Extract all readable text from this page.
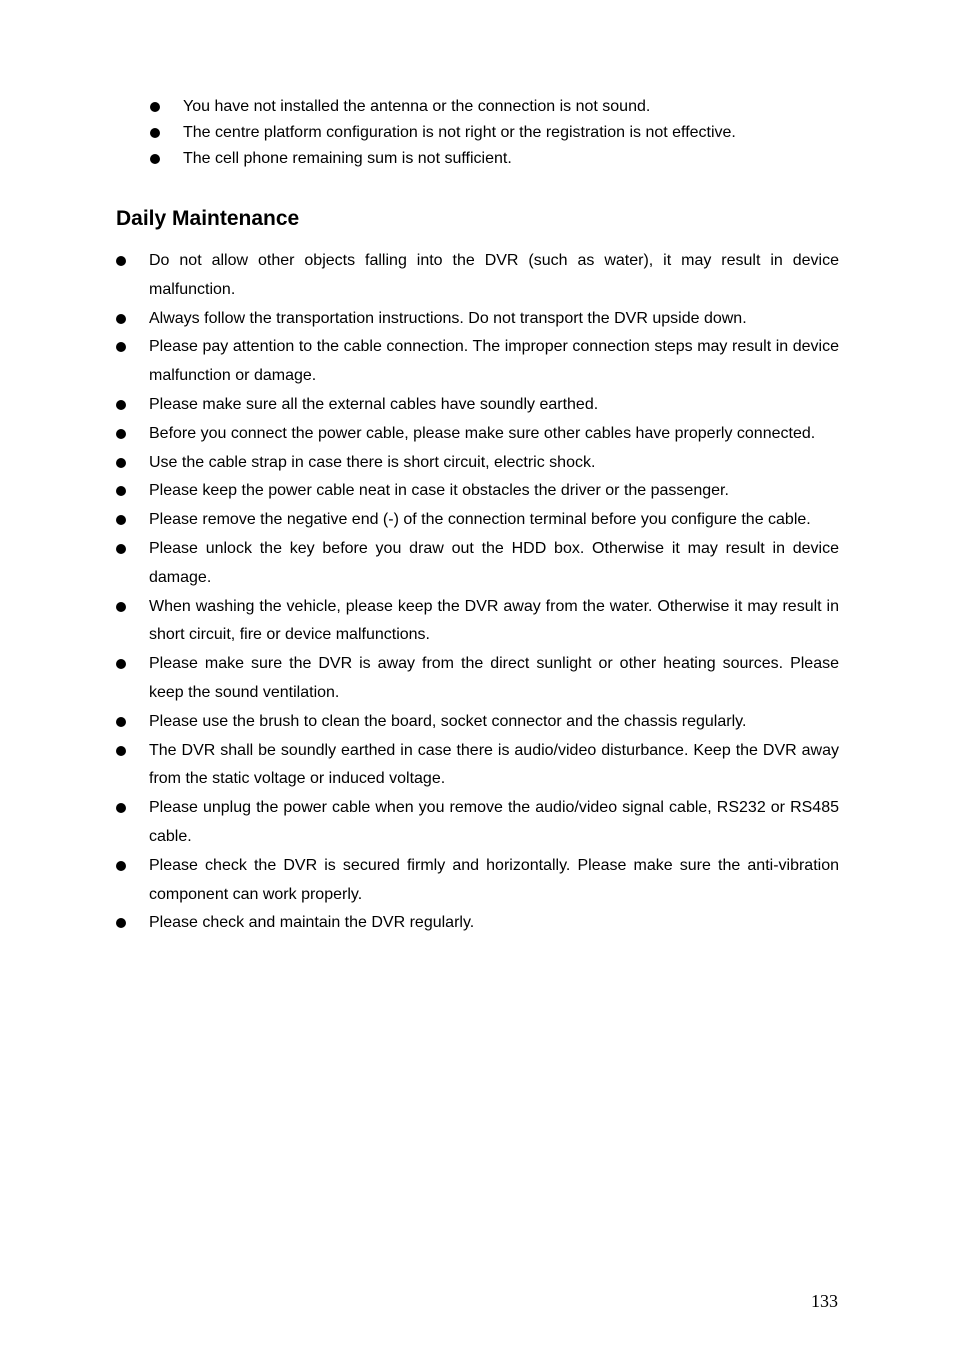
You have not installed the antenna or the connection is not sound.
The centre platform configuration is not right or the registration is not effective.
The cell phone remaining sum is not sufficient.
Daily Maintenance
Do not allow other objects falling into the DVR (such as water), it may result in device malfunction.
Always follow the transportation instructions. Do not transport the DVR upside down.
Please pay attention to the cable connection. The improper connection steps may result in device malfunction or damage.
Please make sure all the external cables have soundly earthed.
Before you connect the power cable, please make sure other cables have properly connected.
Use the cable strap in case there is short circuit, electric shock.
Please keep the power cable neat in case it obstacles the driver or the passenger.
Please remove the negative end (-) of the connection terminal before you configure the cable.
Please unlock the key before you draw out the HDD box. Otherwise it may result in device damage.
When washing the vehicle, please keep the DVR away from the water. Otherwise it may result in short circuit, fire or device malfunctions.
Please make sure the DVR is away from the direct sunlight or other heating sources. Please keep the sound ventilation.
Please use the brush to clean the board, socket connector and the chassis regularly.
The DVR shall be soundly earthed in case there is audio/video disturbance. Keep the DVR away from the static voltage or induced voltage.
Please unplug the power cable when you remove the audio/video signal cable, RS232 or RS485 cable.
Please check the DVR is secured firmly and horizontally. Please make sure the anti-vibration component can work properly.
Please check and maintain the DVR regularly.
133
